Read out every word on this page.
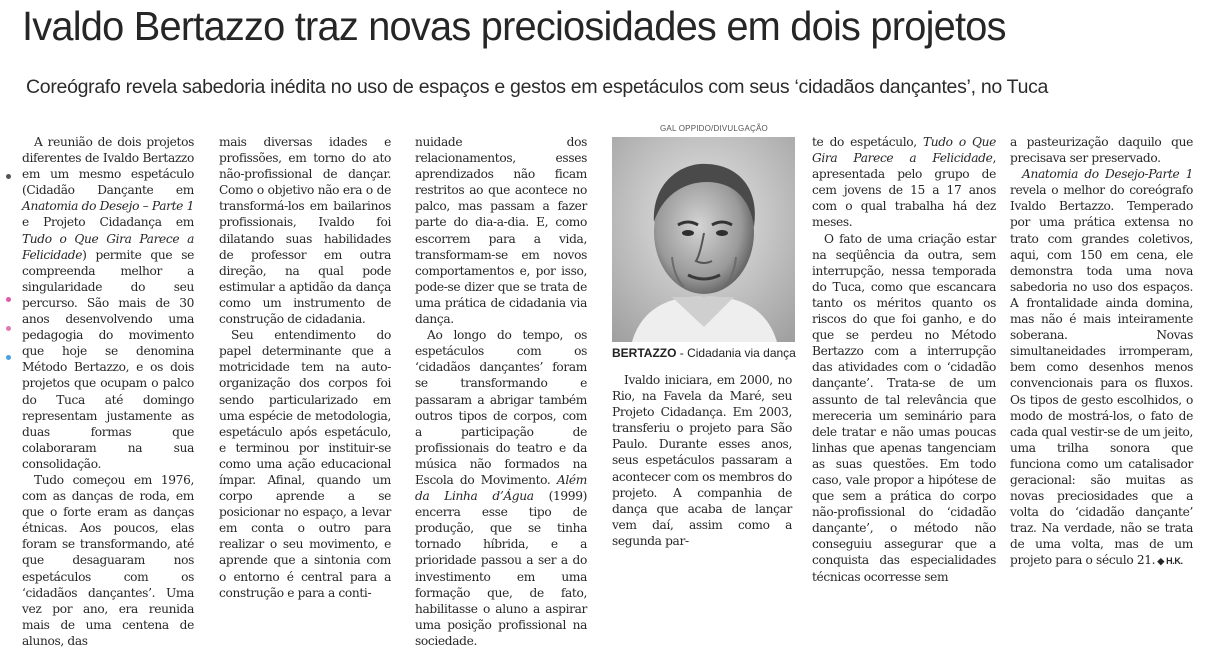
Ivaldo Bertazzo traz novas preciosidades em dois projetos
Coreógrafo revela sabedoria inédita no uso de espaços e gestos em espetáculos com seus ‘cidadãos dançantes’, no Tuca

A reunião de dois projetos diferentes de Ivaldo Bertazzo em um mesmo espetáculo (Cidadão Dançante em Anatomia do Desejo – Parte 1 e Projeto Cidadança em Tudo o Que Gira Parece a Felicidade) permite que se compreenda melhor a singularidade do seu percurso. São mais de 30 anos desenvolvendo uma pedagogia do movimento que hoje se denomina Método Bertazzo, e os dois projetos que ocupam o palco do Tuca até domingo representam justamente as duas formas que colaboraram na sua consolidação.

Tudo começou em 1976, com as danças de roda, em que o forte eram as danças étnicas. Aos poucos, elas foram se transformando, até que desaguaram nos espetáculos com os ‘cidadãos dançantes’. Uma vez por ano, era reunida mais de uma centena de alunos, das

mais diversas idades e profissões, em torno do ato não-profissional de dançar. Como o objetivo não era o de transformá-los em bailarinos profissionais, Ivaldo foi dilatando suas habilidades de professor em outra direção, na qual pode estimular a aptidão da dança como um instrumento de construção de cidadania.

Seu entendimento do papel determinante que a motricidade tem na auto-organização dos corpos foi sendo particularizado em uma espécie de metodologia, espetáculo após espetáculo, e terminou por instituir-se como uma ação educacional ímpar. Afinal, quando um corpo aprende a se posicionar no espaço, a levar em conta o outro para realizar o seu movimento, e aprende que a sintonia com o entorno é central para a construção e para a conti-

nuidade dos relacionamentos, esses aprendizados não ficam restritos ao que acontece no palco, mas passam a fazer parte do dia-a-dia. E, como escorrem para a vida, transformam-se em novos comportamentos e, por isso, pode-se dizer que se trata de uma prática de cidadania via dança.

Ao longo do tempo, os espetáculos com os ‘cidadãos dançantes’ foram se transformando e passaram a abrigar também outros tipos de corpos, com a participação de profissionais do teatro e da música não formados na Escola do Movimento. Além da Linha d’Água (1999) encerra esse tipo de produção, que se tinha tornado híbrida, e a prioridade passou a ser a do investimento em uma formação que, de fato, habilitasse o aluno a aspirar uma posição profissional na sociedade.

GAL OPPIDO/DIVULGAÇÃO
BERTAZZO - Cidadania via dança

Ivaldo iniciara, em 2000, no Rio, na Favela da Maré, seu Projeto Cidadança. Em 2003, transferiu o projeto para São Paulo. Durante esses anos, seus espetáculos passaram a acontecer com os membros do projeto. A companhia de dança que acaba de lançar vem daí, assim como a segunda par-

te do espetáculo, Tudo o Que Gira Parece a Felicidade, apresentada pelo grupo de cem jovens de 15 a 17 anos com o qual trabalha há dez meses.

O fato de uma criação estar na seqüência da outra, sem interrupção, nessa temporada do Tuca, como que escancara tanto os méritos quanto os riscos do que foi ganho, e do que se perdeu no Método Bertazzo com a interrupção das atividades com o ‘cidadão dançante’. Trata-se de um assunto de tal relevância que mereceria um seminário para dele tratar e não umas poucas linhas que apenas tangenciam as suas questões. Em todo caso, vale propor a hipótese de que sem a prática do corpo não-profissional do ‘cidadão dançante’, o método não conseguiu assegurar que a conquista das especialidades técnicas ocorresse sem

a pasteurização daquilo que precisava ser preservado.

Anatomia do Desejo-Parte 1 revela o melhor do coreógrafo Ivaldo Bertazzo. Temperado por uma prática extensa no trato com grandes coletivos, aqui, com 150 em cena, ele demonstra toda uma nova sabedoria no uso dos espaços. A frontalidade ainda domina, mas não é mais inteiramente soberana. Novas simultaneidades irromperam, bem como desenhos menos convencionais para os fluxos. Os tipos de gesto escolhidos, o modo de mostrá-los, o fato de cada qual vestir-se de um jeito, uma trilha sonora que funciona como um catalisador geracional: são muitas as novas preciosidades que a volta do ‘cidadão dançante’ traz. Na verdade, não se trata de uma volta, mas de um projeto para o século 21. ◆ H.K.
